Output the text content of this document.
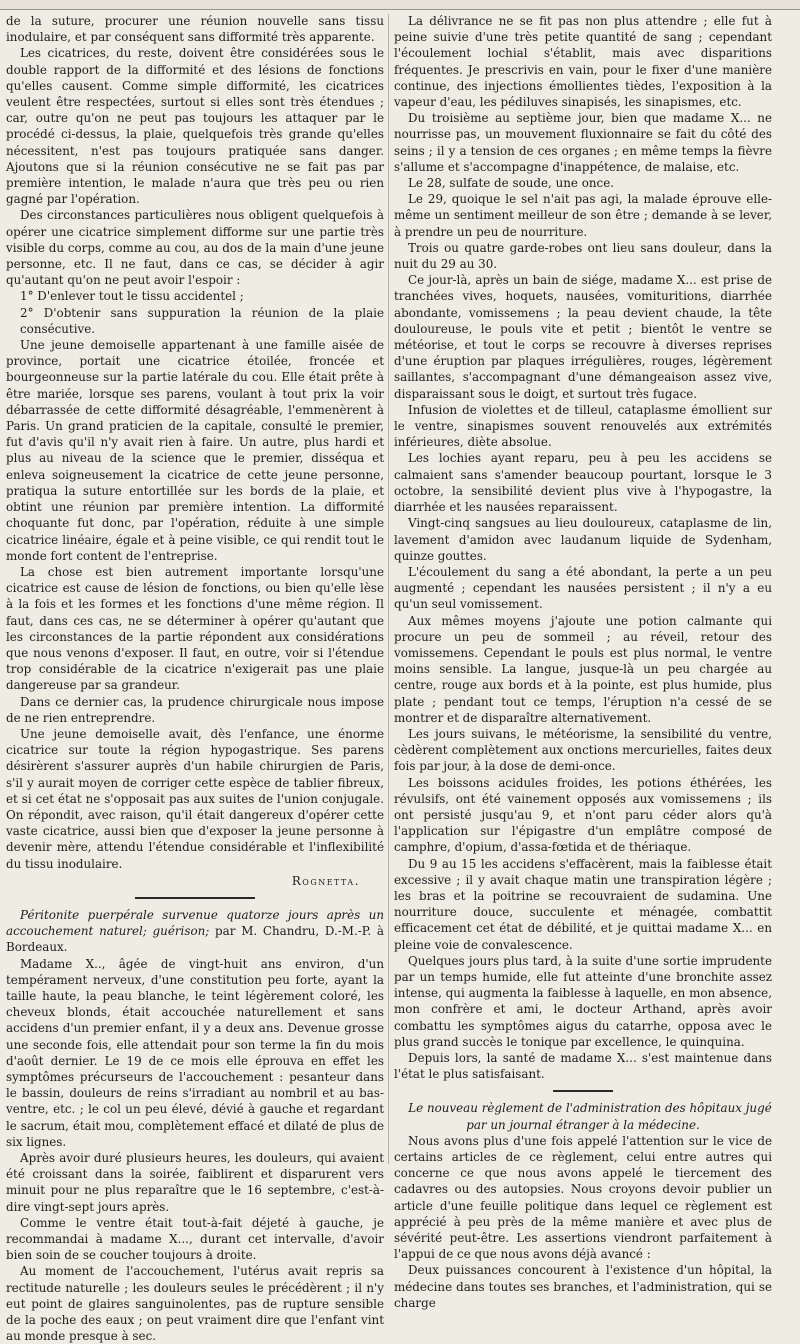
de la suture, procurer une réunion nouvelle sans tissu inodulaire, et par conséquent sans difformité très apparente.

Les cicatrices, du reste, doivent être considérées sous le double rapport de la difformité et des lésions de fonctions qu'elles causent. Comme simple difformité, les cicatrices veulent être respectées, surtout si elles sont très étendues ; car, outre qu'on ne peut pas toujours les attaquer par le procédé ci-dessus, la plaie, quelquefois très grande qu'elles nécessitent, n'est pas toujours pratiquée sans danger. Ajoutons que si la réunion consécutive ne se fait pas par première intention, le malade n'aura que très peu ou rien gagné par l'opération.

Des circonstances particulières nous obligent quelquefois à opérer une cicatrice simplement difforme sur une partie très visible du corps, comme au cou, au dos de la main d'une jeune personne, etc. Il ne faut, dans ce cas, se décider à agir qu'autant qu'on ne peut avoir l'espoir :

1° D'enlever tout le tissu accidentel ;
2° D'obtenir sans suppuration la réunion de la plaie consécutive.

Une jeune demoiselle appartenant à une famille aisée de province, portait une cicatrice étoilée, froncée et bourgeonneuse sur la partie latérale du cou. Elle était prête à être mariée, lorsque ses parens, voulant à tout prix la voir débarrassée de cette difformité désagréable, l'emmenèrent à Paris. Un grand praticien de la capitale, consulté le premier, fut d'avis qu'il n'y avait rien à faire. Un autre, plus hardi et plus au niveau de la science que le premier, disséqua et enleva soigneusement la cicatrice de cette jeune personne, pratiqua la suture entortillée sur les bords de la plaie, et obtint une réunion par première intention. La difformité choquante fut donc, par l'opération, réduite à une simple cicatrice linéaire, égale et à peine visible, ce qui rendit tout le monde fort content de l'entreprise.

La chose est bien autrement importante lorsqu'une cicatrice est cause de lésion de fonctions, ou bien qu'elle lèse à la fois et les formes et les fonctions d'une même région. Il faut, dans ces cas, ne se déterminer à opérer qu'autant que les circonstances de la partie répondent aux considérations que nous venons d'exposer. Il faut, en outre, voir si l'étendue trop considérable de la cicatrice n'exigerait pas une plaie dangereuse par sa grandeur.

Dans ce dernier cas, la prudence chirurgicale nous impose de ne rien entreprendre.

Une jeune demoiselle avait, dès l'enfance, une énorme cicatrice sur toute la région hypogastrique. Ses parens désirèrent s'assurer auprès d'un habile chirurgien de Paris, s'il y aurait moyen de corriger cette espèce de tablier fibreux, et si cet état ne s'opposait pas aux suites de l'union conjugale. On répondit, avec raison, qu'il était dangereux d'opérer cette vaste cicatrice, aussi bien que d'exposer la jeune personne à devenir mère, attendu l'étendue considérable et l'inflexibilité du tissu inodulaire.

Rognetta.

Péritonite puerpérale survenue quatorze jours après un accouchement naturel; guérison; par M. Chandru, D.-M.-P. à Bordeaux.

Madame X.., âgée de vingt-huit ans environ, d'un tempérament nerveux, d'une constitution peu forte, ayant la taille haute, la peau blanche, le teint légèrement coloré, les cheveux blonds, était accouchée naturellement et sans accidens d'un premier enfant, il y a deux ans. Devenue grosse une seconde fois, elle attendait pour son terme la fin du mois d'août dernier. Le 19 de ce mois elle éprouva en effet les symptômes précurseurs de l'accouchement : pesanteur dans le bassin, douleurs de reins s'irradiant au nombril et au bas-ventre, etc. ; le col un peu élevé, dévié à gauche et regardant le sacrum, était mou, complètement effacé et dilaté de plus de six lignes.

Après avoir duré plusieurs heures, les douleurs, qui avaient été croissant dans la soirée, faiblirent et disparurent vers minuit pour ne plus reparaître que le 16 septembre, c'est-à-dire vingt-sept jours après.

Comme le ventre était tout-à-fait déjeté à gauche, je recommandai à madame X..., durant cet intervalle, d'avoir bien soin de se coucher toujours à droite.

Au moment de l'accouchement, l'utérus avait repris sa rectitude naturelle ; les douleurs seules le précédèrent ; il n'y eut point de glaires sanguinolentes, pas de rupture sensible de la poche des eaux ; on peut vraiment dire que l'enfant vint au monde presque à sec.

La délivrance ne se fit pas non plus attendre ; elle fut à peine suivie d'une très petite quantité de sang ; cependant l'écoulement lochial s'établit, mais avec disparitions fréquentes. Je prescrivis en vain, pour le fixer d'une manière continue, des injections émollientes tièdes, l'exposition à la vapeur d'eau, les pédiluves sinapisés, les sinapismes, etc.

Du troisième au septième jour, bien que madame X... ne nourrisse pas, un mouvement fluxionnaire se fait du côté des seins ; il y a tension de ces organes ; en même temps la fièvre s'allume et s'accompagne d'inappétence, de malaise, etc.

Le 28, sulfate de soude, une once.

Le 29, quoique le sel n'ait pas agi, la malade éprouve elle-même un sentiment meilleur de son être ; demande à se lever, à prendre un peu de nourriture.

Trois ou quatre garde-robes ont lieu sans douleur, dans la nuit du 29 au 30.

Ce jour-là, après un bain de siége, madame X... est prise de tranchées vives, hoquets, nausées, vomituritions, diarrhée abondante, vomissemens ; la peau devient chaude, la tête douloureuse, le pouls vite et petit ; bientôt le ventre se météorise, et tout le corps se recouvre à diverses reprises d'une éruption par plaques irrégulières, rouges, légèrement saillantes, s'accompagnant d'une démangeaison assez vive, disparaissant sous le doigt, et surtout très fugace.

Infusion de violettes et de tilleul, cataplasme émollient sur le ventre, sinapismes souvent renouvelés aux extrémités inférieures, diète absolue.

Les lochies ayant reparu, peu à peu les accidens se calmaient sans s'amender beaucoup pourtant, lorsque le 3 octobre, la sensibilité devient plus vive à l'hypogastre, la diarrhée et les nausées reparaissent.

Vingt-cinq sangsues au lieu douloureux, cataplasme de lin, lavement d'amidon avec laudanum liquide de Sydenham, quinze gouttes.

L'écoulement du sang a été abondant, la perte a un peu augmenté ; cependant les nausées persistent ; il n'y a eu qu'un seul vomissement.

Aux mêmes moyens j'ajoute une potion calmante qui procure un peu de sommeil ; au réveil, retour des vomissemens. Cependant le pouls est plus normal, le ventre moins sensible. La langue, jusque-là un peu chargée au centre, rouge aux bords et à la pointe, est plus humide, plus plate ; pendant tout ce temps, l'éruption n'a cessé de se montrer et de disparaître alternativement.

Les jours suivans, le météorisme, la sensibilité du ventre, cèdèrent complètement aux onctions mercurielles, faites deux fois par jour, à la dose de demi-once.

Les boissons acidules froides, les potions éthérées, les révulsifs, ont été vainement opposés aux vomissemens ; ils ont persisté jusqu'au 9, et n'ont paru céder alors qu'à l'application sur l'épigastre d'un emplâtre composé de camphre, d'opium, d'assa-fœtida et de thériaque.

Du 9 au 15 les accidens s'effacèrent, mais la faiblesse était excessive ; il y avait chaque matin une transpiration légère ; les bras et la poitrine se recouvraient de sudamina. Une nourriture douce, succulente et ménagée, combattit efficacement cet état de débilité, et je quittai madame X... en pleine voie de convalescence.

Quelques jours plus tard, à la suite d'une sortie imprudente par un temps humide, elle fut atteinte d'une bronchite assez intense, qui augmenta la faiblesse à laquelle, en mon absence, mon confrère et ami, le docteur Arthand, après avoir combattu les symptômes aigus du catarrhe, opposa avec le plus grand succès le tonique par excellence, le quinquina.

Depuis lors, la santé de madame X... s'est maintenue dans l'état le plus satisfaisant.

Le nouveau règlement de l'administration des hôpitaux jugé par un journal étranger à la médecine.

Nous avons plus d'une fois appelé l'attention sur le vice de certains articles de ce règlement, celui entre autres qui concerne ce que nous avons appelé le tiercement des cadavres ou des autopsies. Nous croyons devoir publier un article d'une feuille politique dans lequel ce règlement est apprécié à peu près de la même manière et avec plus de sévérité peut-être. Les assertions viendront parfaitement à l'appui de ce que nous avons déjà avancé :

Deux puissances concourent à l'existence d'un hôpital, la médecine dans toutes ses branches, et l'administration, qui se charge
